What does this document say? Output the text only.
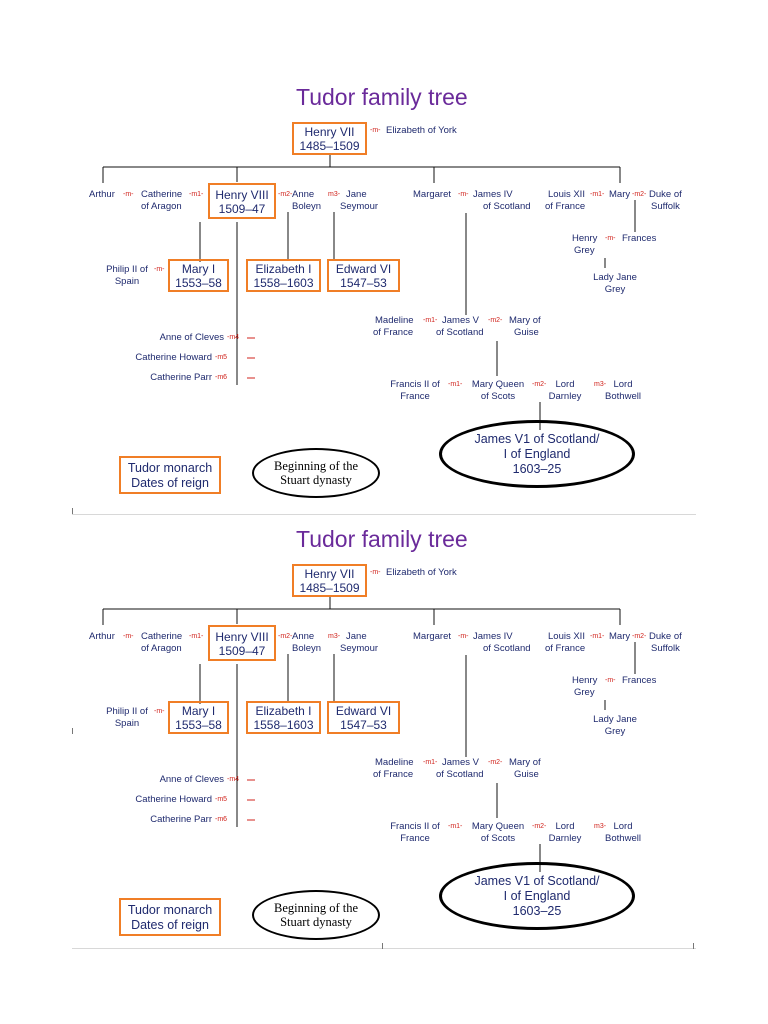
Tudor family tree
Henry VII
1485–1509
-m- Elizabeth of York
Arthur -m- Catherine
of Aragon
-m1- Henry VIII
1509–47
-m2- Anne
Boleyn
m3- Jane
Seymour
Margaret -m- James IV
of Scotland
Louis XII
of France
-m1- Mary -m2- Duke of
Suffolk
Henry
Grey
-m- Frances
Lady Jane
Grey
Philip II of
Spain
-m-	Mary I
1553–58
Elizabeth I
1558–1603
Edward VI
1547–53
Anne of Cleves -m4
Catherine Howard -m5
Catherine Parr -m6
Madeline
of France
-m1- James V
of Scotland
-m2- Mary of
Guise
Francis II of
France
-m1- Mary Queen
of Scots
-m2- Lord
Darnley
m3- Lord
Bothwell
James V1 of Scotland/
I of England
1603–25
Tudor monarch
Dates of reign
Beginning of the
Stuart dynasty
Tudor family tree
Henry VII
1485–1509
-m- Elizabeth of York
Arthur -m- Catherine
of Aragon
-m1- Henry VIII
1509–47
-m2- Anne
Boleyn
m3- Jane
Seymour
Margaret -m- James IV
of Scotland
Louis XII
of France
-m1- Mary -m2- Duke of
Suffolk
Henry
Grey
-m- Frances
Lady Jane
Grey
Philip II of
Spain
-m-	Mary I
1553–58
Elizabeth I
1558–1603
Edward VI
1547–53
Anne of Cleves -m4
Catherine Howard -m5
Catherine Parr -m6
Madeline
of France
-m1- James V
of Scotland
-m2- Mary of
Guise
Francis II of
France
-m1- Mary Queen
of Scots
-m2- Lord
Darnley
m3- Lord
Bothwell
James V1 of Scotland/
I of England
1603–25
Tudor monarch
Dates of reign
Beginning of the
Stuart dynasty
